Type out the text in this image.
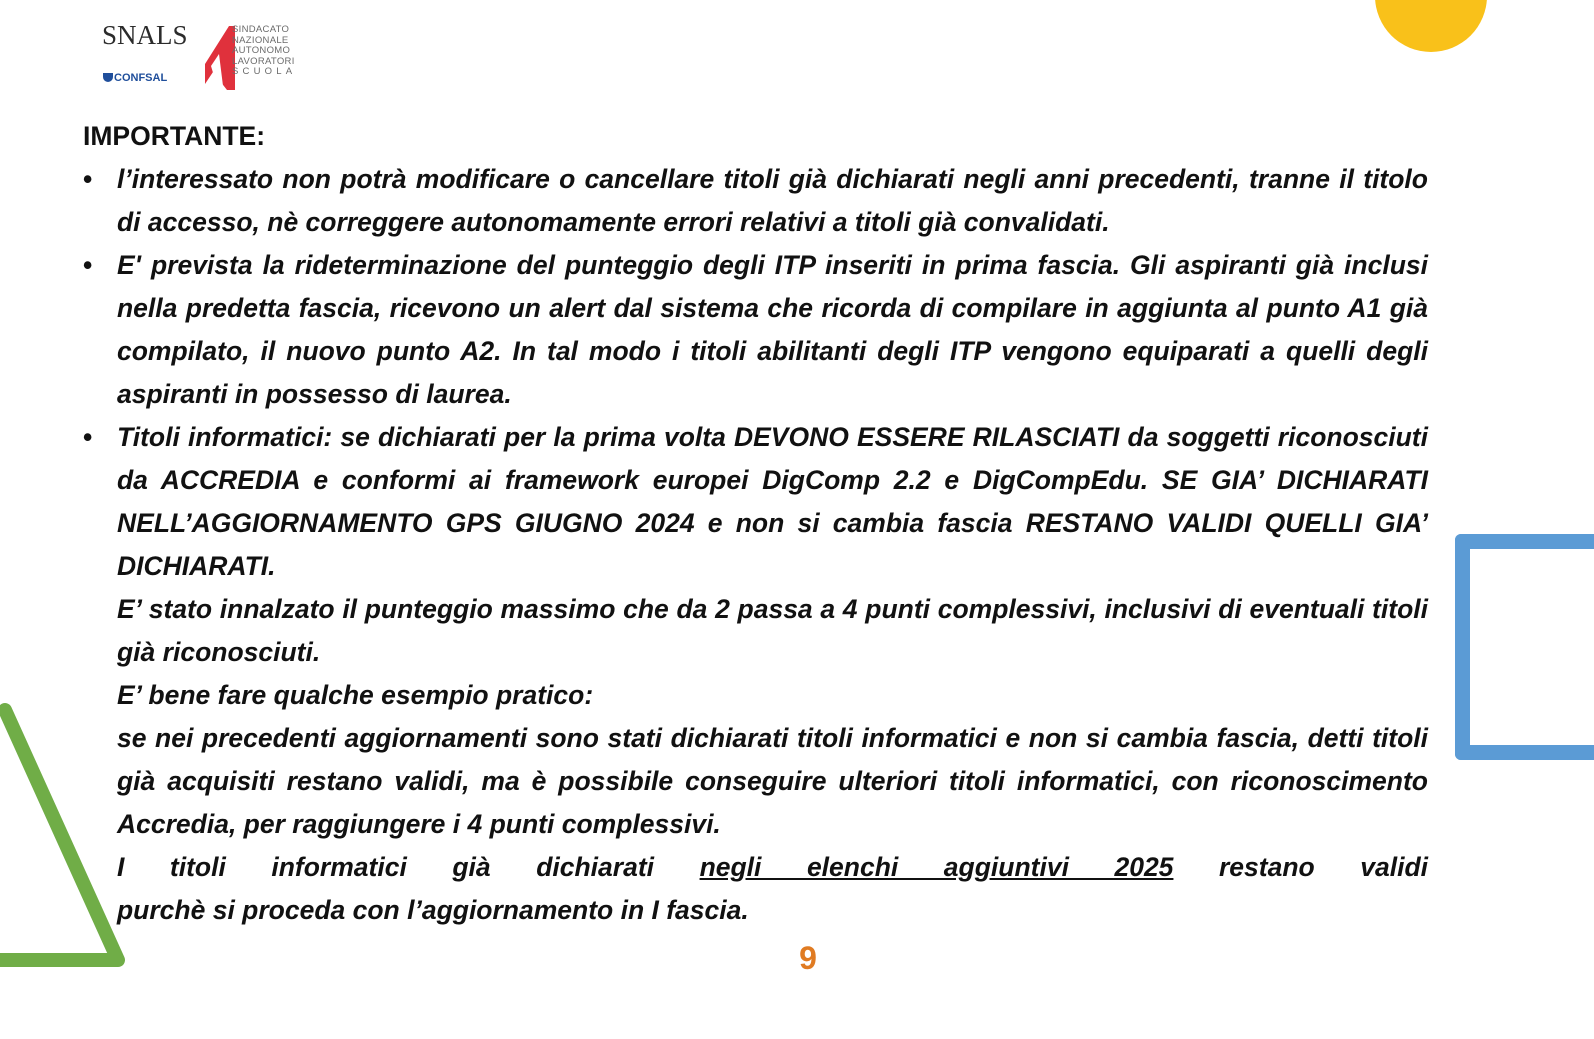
SNALS
CONFSAL
SINDACATO
NAZIONALE
AUTONOMO
LAVORATORI
SCUOLA
IMPORTANTE:
• l’interessato non potrà modificare o cancellare titoli già dichiarati negli anni precedenti, tranne il titolo di accesso, nè correggere autonomamente errori relativi a titoli già convalidati.

• E' prevista la rideterminazione del punteggio degli ITP inseriti in prima fascia. Gli aspiranti già inclusi nella predetta fascia, ricevono un alert dal sistema che ricorda di compilare in aggiunta al punto A1 già compilato, il nuovo punto A2. In tal modo i titoli abilitanti degli ITP vengono equiparati a quelli degli aspiranti in possesso di laurea.

• Titoli informatici: se dichiarati per la prima volta DEVONO ESSERE RILASCIATI da soggetti riconosciuti da ACCREDIA e conformi ai framework europei DigComp 2.2 e DigCompEdu. SE GIA’ DICHIARATI NELL’AGGIORNAMENTO GPS GIUGNO 2024 e non si cambia fascia RESTANO VALIDI QUELLI GIA’ DICHIARATI.

E’ stato innalzato il punteggio massimo che da 2 passa a 4 punti complessivi, inclusivi di eventuali titoli già riconosciuti.

E’ bene fare qualche esempio pratico:

se nei precedenti aggiornamenti sono stati dichiarati titoli informatici e non si cambia fascia, detti titoli già acquisiti restano validi, ma è possibile conseguire ulteriori titoli informatici, con riconoscimento Accredia, per raggiungere i 4 punti complessivi.

I titoli informatici già dichiarati negli elenchi aggiuntivi 2025 restano validi

purchè si proceda con l’aggiornamento in I fascia.

9
